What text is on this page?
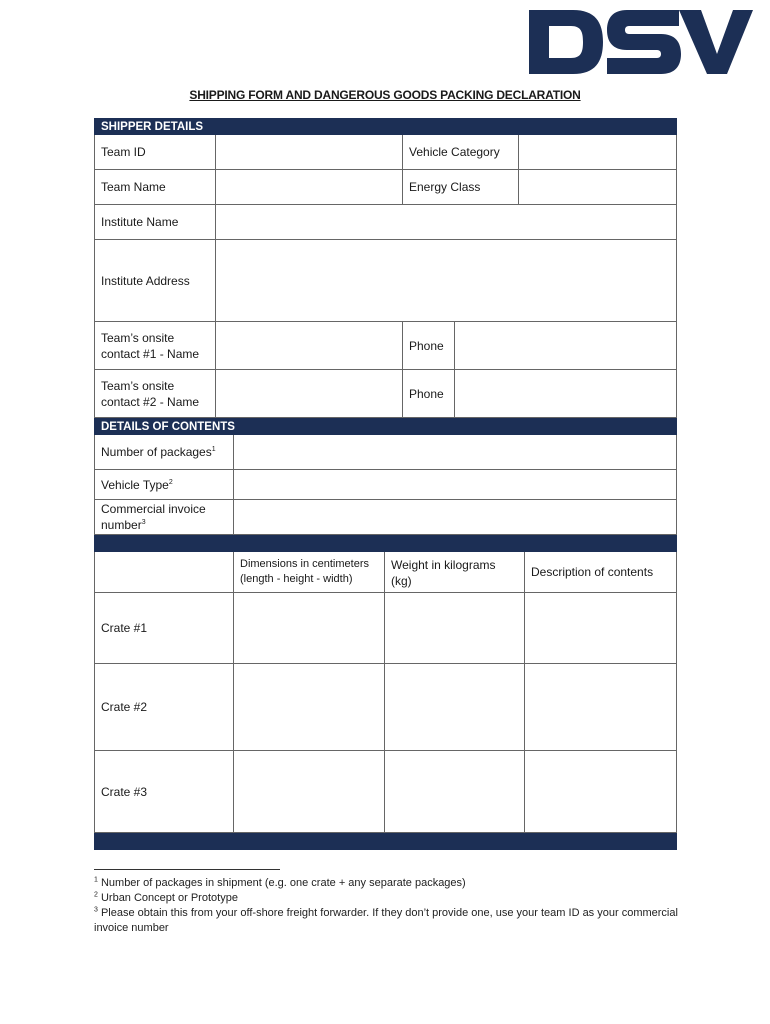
SHIPPING FORM AND DANGEROUS GOODS PACKING DECLARATION
SHIPPER DETAILS
Team ID	Vehicle Category
Team Name	Energy Class
Institute Name
Institute Address
Team’s onsite contact #1 - Name
Phone
Team’s onsite contact #2 - Name
Phone
DETAILS OF CONTENTS
Number of packages$^1$
Vehicle Type$^2$
Commercial invoice number$^3$
Dimensions in centimeters (length - height - width)
Weight in kilograms (kg)
Description of contents
Crate #1
Crate #2
Crate #3
$^1$ Number of packages in shipment (e.g. one crate + any separate packages)
$^2$ Urban Concept or Prototype
$^3$ Please obtain this from your off-shore freight forwarder. If they don’t provide one, use your team ID as your commercial invoice number
